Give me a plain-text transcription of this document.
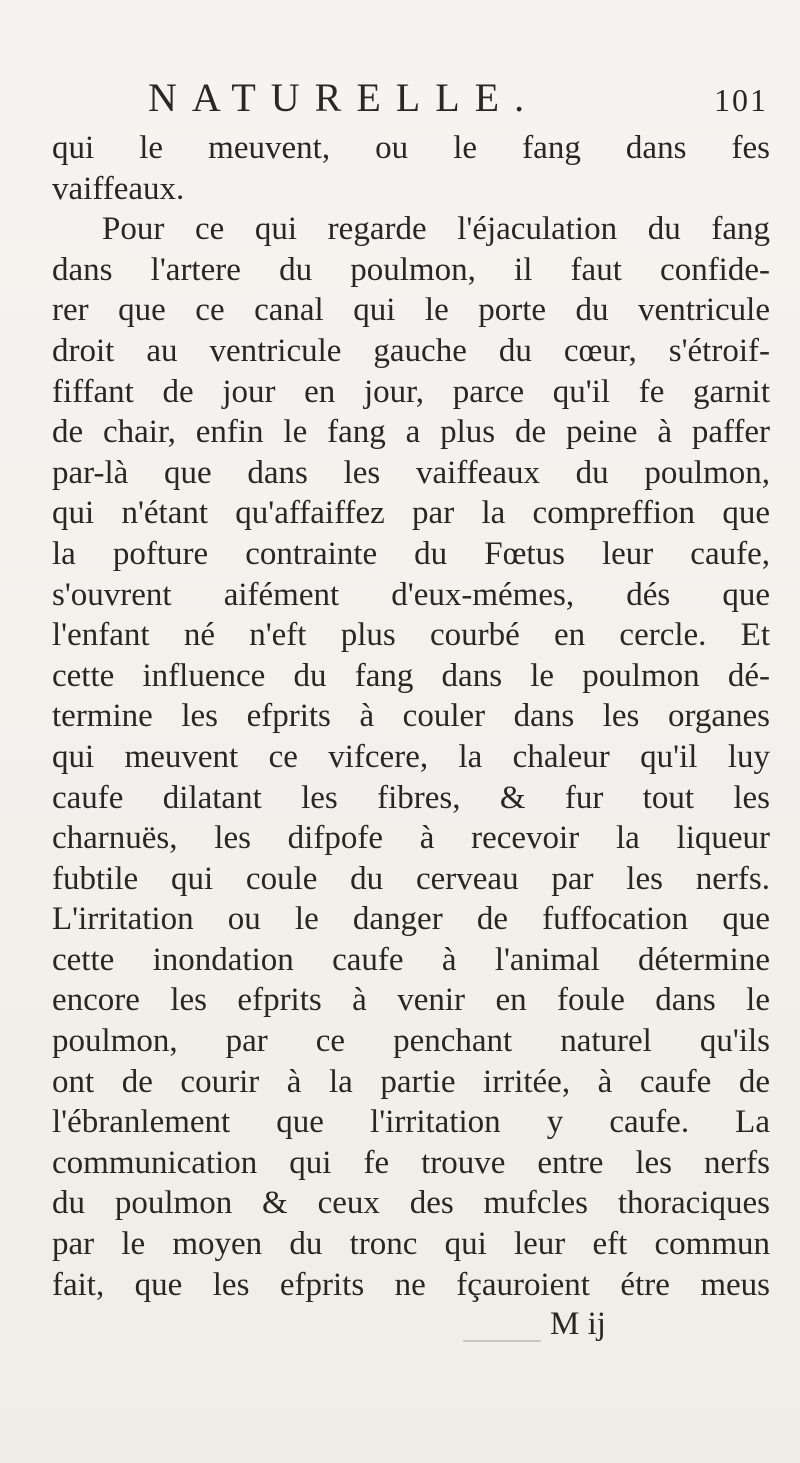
NATURELLE.	101
qui le meuvent, ou le fang dans fes
vaiffeaux.
Pour ce qui regarde l'éjaculation du fang
dans l'artere du poulmon, il faut confide-
rer que ce canal qui le porte du ventricule
droit au ventricule gauche du cœur, s'étroif-
fiffant de jour en jour, parce qu'il fe garnit
de chair, enfin le fang a plus de peine à paffer
par-là que dans les vaiffeaux du poulmon,
qui n'étant qu'affaiffez par la compreffion que
la pofture contrainte du Fœtus leur caufe,
s'ouvrent aifément d'eux-mémes, dés que
l'enfant né n'eft plus courbé en cercle. Et
cette influence du fang dans le poulmon dé-
termine les efprits à couler dans les organes
qui meuvent ce vifcere, la chaleur qu'il luy
caufe dilatant les fibres, & fur tout les
charnuës, les difpofe à recevoir la liqueur
fubtile qui coule du cerveau par les nerfs.
L'irritation ou le danger de fuffocation que
cette inondation caufe à l'animal détermine
encore les efprits à venir en foule dans le
poulmon, par ce penchant naturel qu'ils
ont de courir à la partie irritée, à caufe de
l'ébranlement que l'irritation y caufe. La
communication qui fe trouve entre les nerfs
du poulmon & ceux des mufcles thoraciques
par le moyen du tronc qui leur eft commun
fait, que les efprits ne fçauroient étre meus
M ij
